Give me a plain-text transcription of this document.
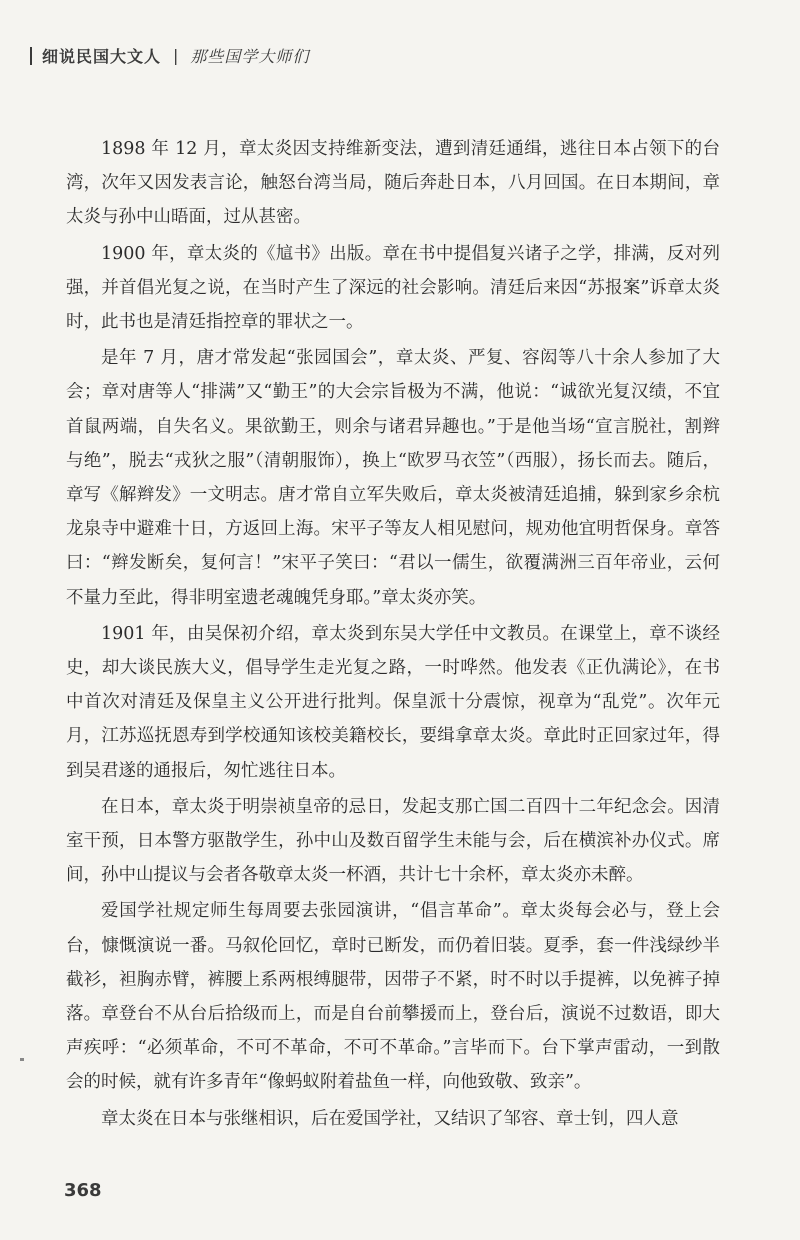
细说民国大文人 | 那些国学大师们

1898 年 12 月，章太炎因支持维新变法，遭到清廷通缉，逃往日本占领下的台湾，次年又因发表言论，触怒台湾当局，随后奔赴日本，八月回国。在日本期间，章太炎与孙中山晤面，过从甚密。

1900 年，章太炎的《訄书》出版。章在书中提倡复兴诸子之学，排满，反对列强，并首倡光复之说，在当时产生了深远的社会影响。清廷后来因“苏报案”诉章太炎时，此书也是清廷指控章的罪状之一。

是年 7 月，唐才常发起“张园国会”，章太炎、严复、容闳等八十余人参加了大会；章对唐等人“排满”又“勤王”的大会宗旨极为不满，他说：“诚欲光复汉绩，不宜首鼠两端，自失名义。果欲勤王，则余与诸君异趣也。”于是他当场“宣言脱社，割辫与绝”，脱去“戎狄之服”（清朝服饰），换上“欧罗马衣笠”（西服），扬长而去。随后，章写《解辫发》一文明志。唐才常自立军失败后，章太炎被清廷追捕，躲到家乡余杭龙泉寺中避难十日，方返回上海。宋平子等友人相见慰问，规劝他宜明哲保身。章答曰：“辫发断矣，复何言！”宋平子笑曰：“君以一儒生，欲覆满洲三百年帝业，云何不量力至此，得非明室遗老魂魄凭身耶。”章太炎亦笑。

1901 年，由吴保初介绍，章太炎到东吴大学任中文教员。在课堂上，章不谈经史，却大谈民族大义，倡导学生走光复之路，一时哗然。他发表《正仇满论》，在书中首次对清廷及保皇主义公开进行批判。保皇派十分震惊，视章为“乱党”。次年元月，江苏巡抚恩寿到学校通知该校美籍校长，要缉拿章太炎。章此时正回家过年，得到吴君遂的通报后，匆忙逃往日本。

在日本，章太炎于明崇祯皇帝的忌日，发起支那亡国二百四十二年纪念会。因清室干预，日本警方驱散学生，孙中山及数百留学生未能与会，后在横滨补办仪式。席间，孙中山提议与会者各敬章太炎一杯酒，共计七十余杯，章太炎亦未醉。

爱国学社规定师生每周要去张园演讲，“倡言革命”。章太炎每会必与，登上会台，慷慨演说一番。马叙伦回忆，章时已断发，而仍着旧装。夏季，套一件浅绿纱半截衫，袒胸赤臂，裤腰上系两根缚腿带，因带子不紧，时不时以手提裤，以免裤子掉落。章登台不从台后拾级而上，而是自台前攀援而上，登台后，演说不过数语，即大声疾呼：“必须革命，不可不革命，不可不革命。”言毕而下。台下掌声雷动，一到散会的时候，就有许多青年“像蚂蚁附着盐鱼一样，向他致敬、致亲”。

章太炎在日本与张继相识，后在爱国学社，又结识了邹容、章士钊，四人意

368
